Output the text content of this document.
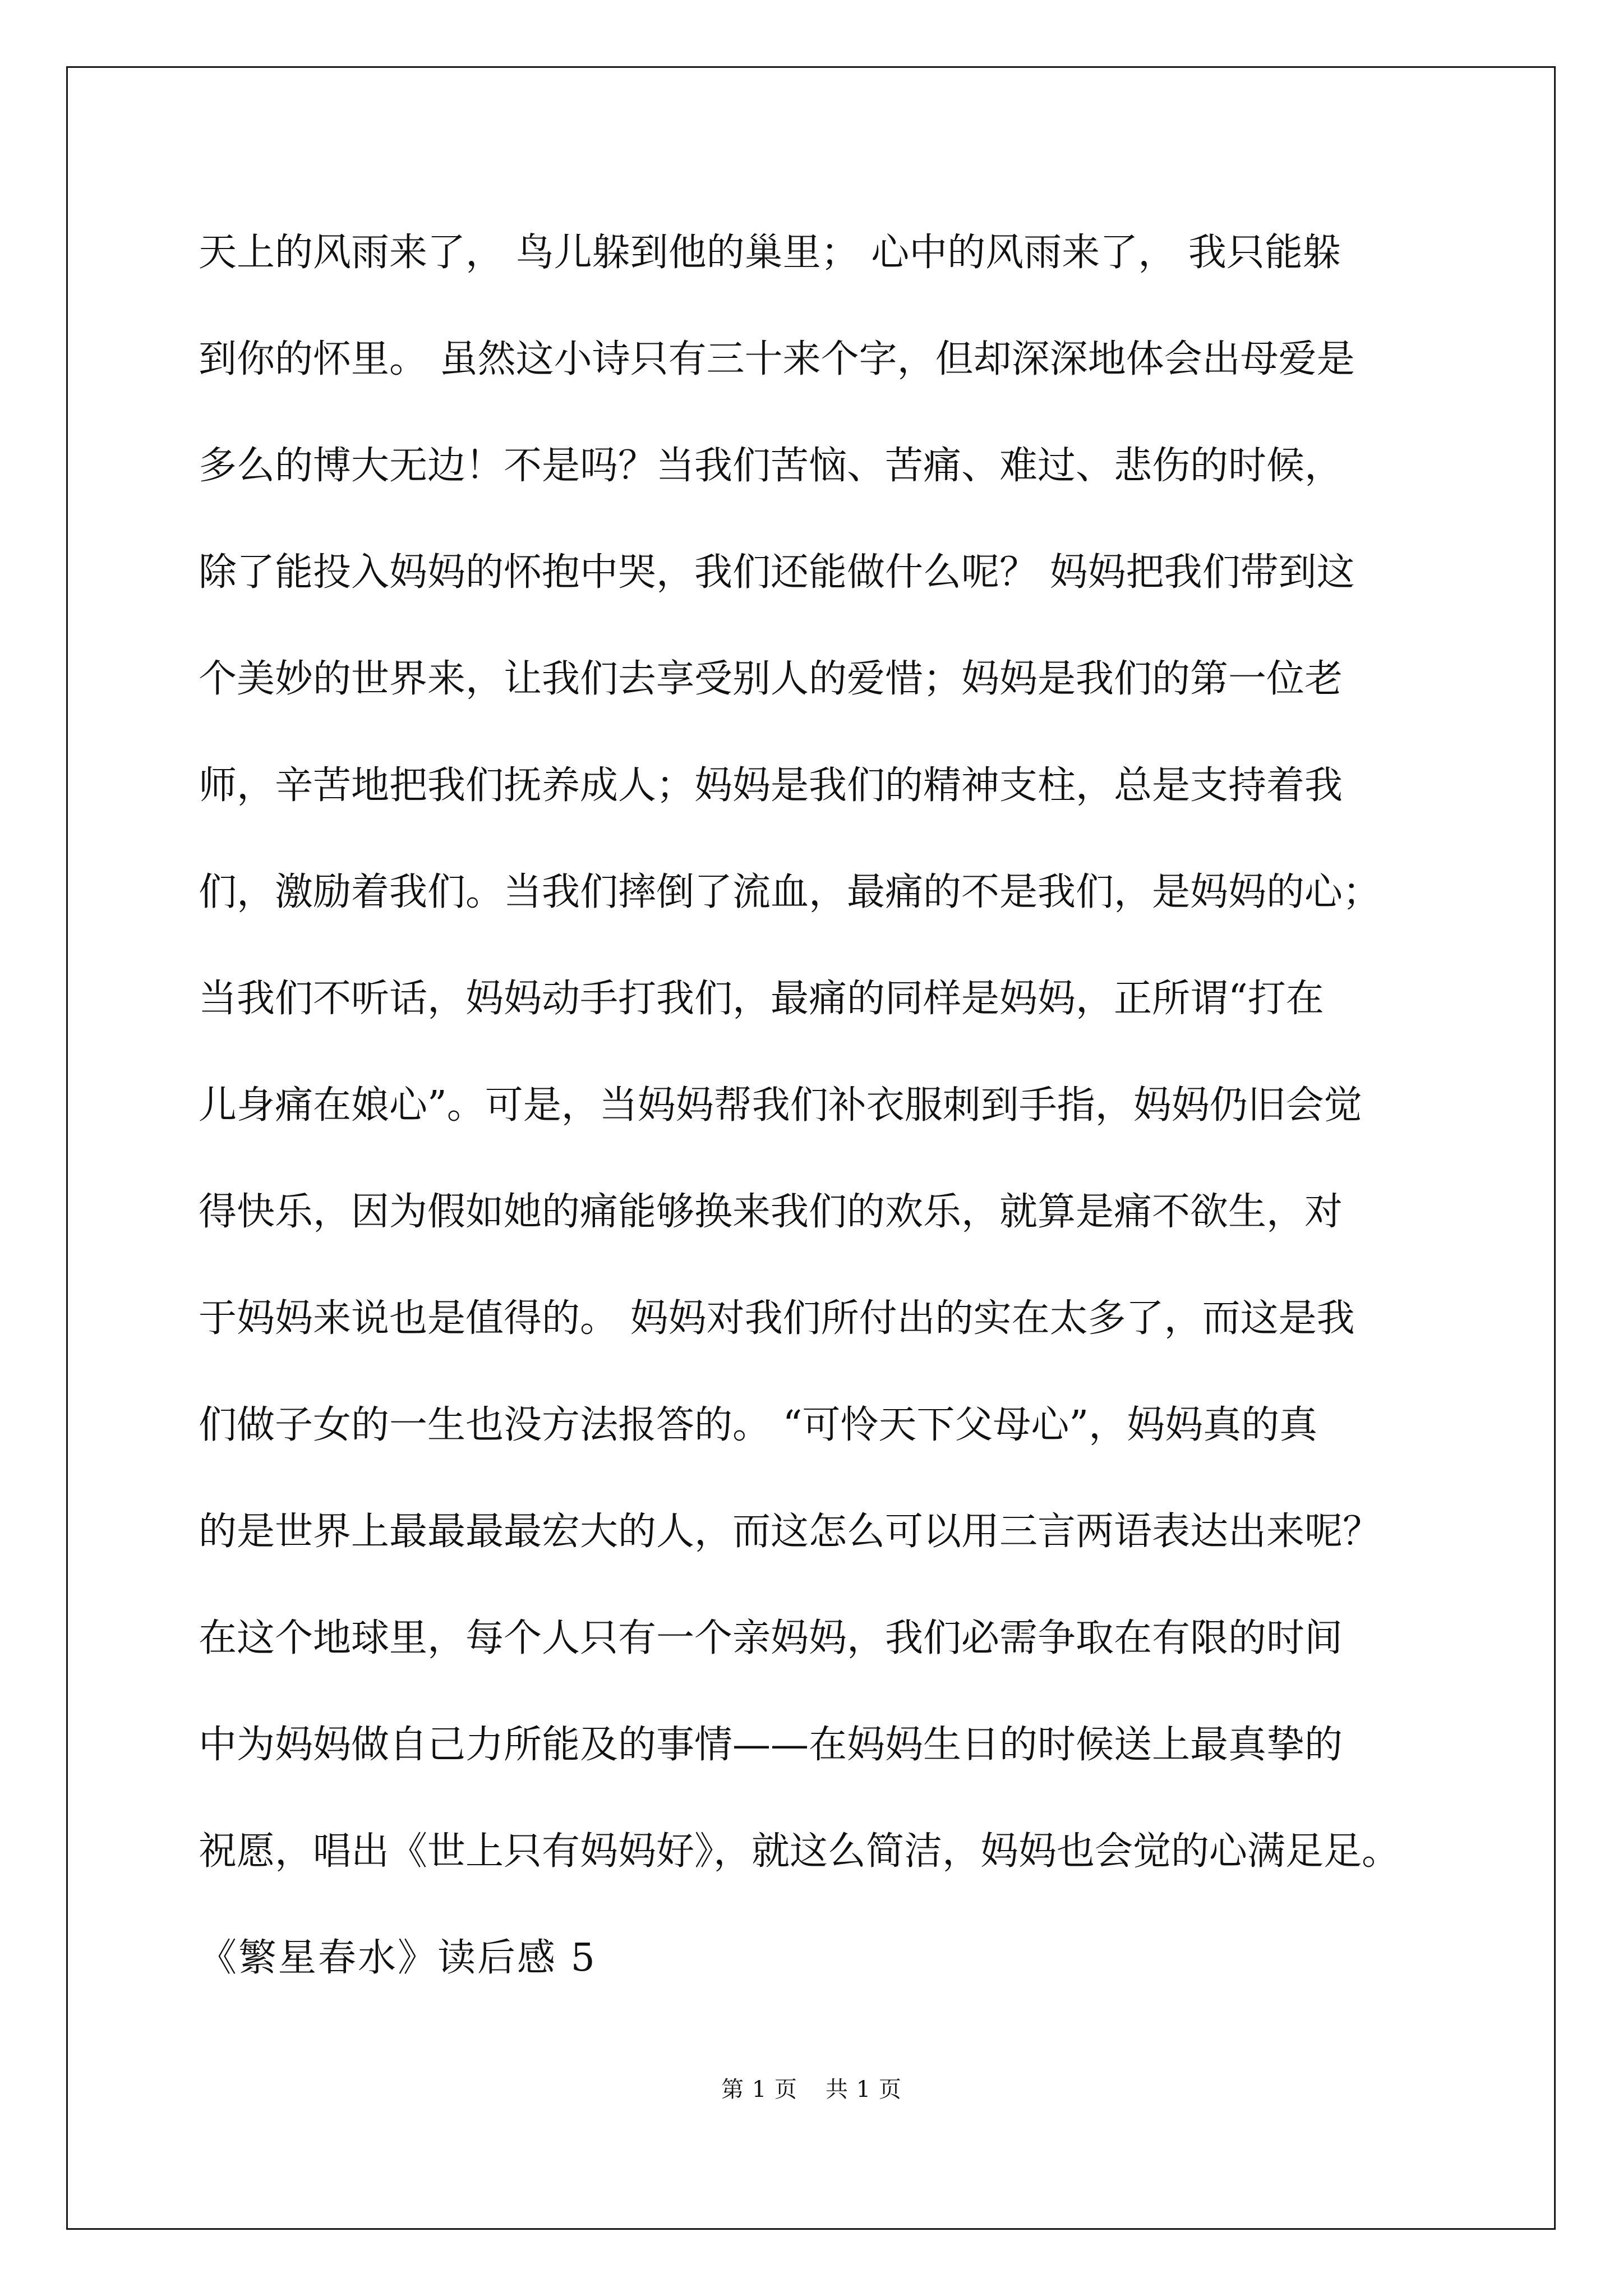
天上的风雨来了， 鸟儿躲到他的巢里； 心中的风雨来了， 我只能躲
到你的怀里。 虽然这小诗只有三十来个字，但却深深地体会出母爱是
多么的博大无边！不是吗？当我们苦恼、苦痛、难过、悲伤的时候，
除了能投入妈妈的怀抱中哭，我们还能做什么呢？ 妈妈把我们带到这
个美妙的世界来，让我们去享受别人的爱惜；妈妈是我们的第一位老
师，辛苦地把我们抚养成人；妈妈是我们的精神支柱，总是支持着我
们，激励着我们。当我们摔倒了流血，最痛的不是我们，是妈妈的心；
当我们不听话，妈妈动手打我们，最痛的同样是妈妈，正所谓“打在
儿身痛在娘心”。可是，当妈妈帮我们补衣服刺到手指，妈妈仍旧会觉
得快乐，因为假如她的痛能够换来我们的欢乐，就算是痛不欲生，对
于妈妈来说也是值得的。 妈妈对我们所付出的实在太多了，而这是我
们做子女的一生也没方法报答的。 “可怜天下父母心”，妈妈真的真
的是世界上最最最最宏大的人，而这怎么可以用三言两语表达出来呢？
在这个地球里，每个人只有一个亲妈妈，我们必需争取在有限的时间
中为妈妈做自己力所能及的事情——在妈妈生日的时候送上最真挚的
祝愿，唱出《世上只有妈妈好》，就这么简洁，妈妈也会觉的心满足足。
《繁星春水》读后感 5
第 1 页 共 1 页
